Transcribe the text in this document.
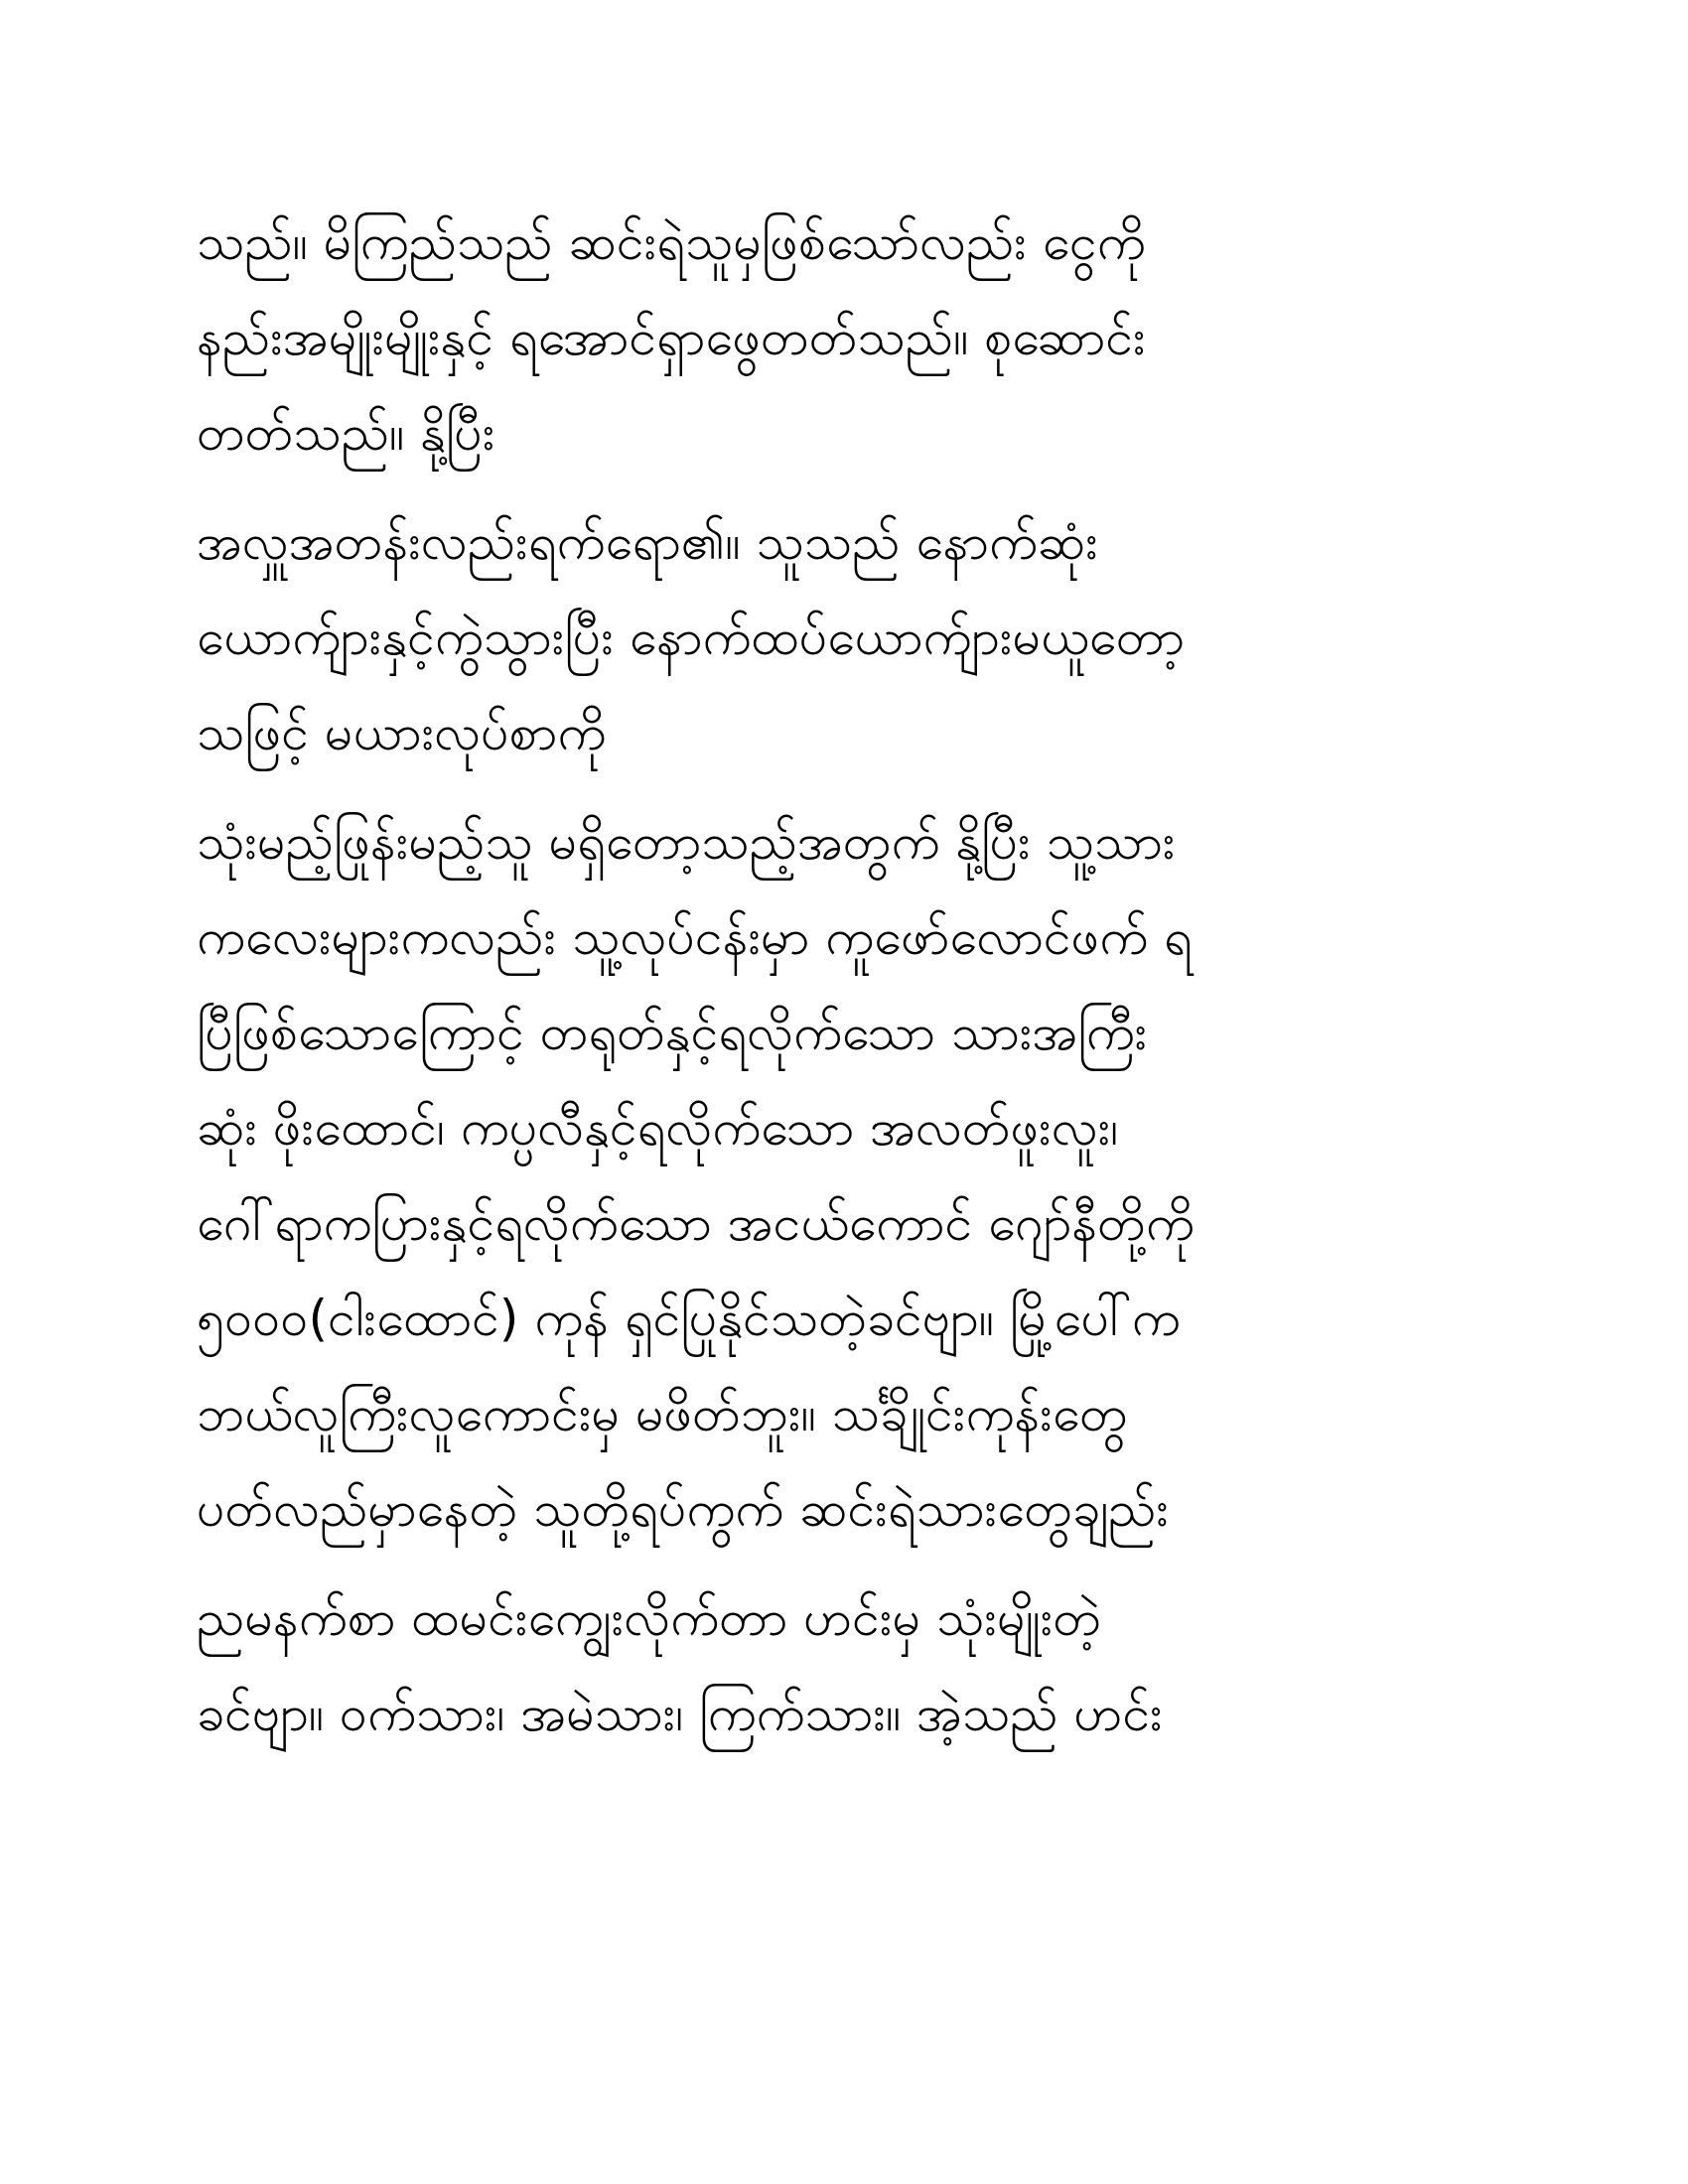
သည်။ မိကြည်သည် ဆင်းရဲသူမှဖြစ်သော်လည်း ငွေကို
နည်းအမျိုးမျိုးနှင့် ရအောင်ရှာဖွေတတ်သည်။ စုဆောင်း
တတ်သည်။ နို့ပြီး
အလှူအတန်းလည်းရက်ရော၏။ သူသည် နောက်ဆုံး
ယောက်ျားနှင့်ကွဲသွားပြီး နောက်ထပ်ယောက်ျားမယူတော့
သဖြင့် မယားလုပ်စာကို
သုံးမည့်ဖြုန်းမည့်သူ မရှိတော့သည့်အတွက် နို့ပြီး သူ့သား
ကလေးများကလည်း သူ့လုပ်ငန်းမှာ ကူဖော်လောင်ဖက် ရ
ပြီဖြစ်သောကြောင့် တရုတ်နှင့်ရလိုက်သော သားအကြီး
ဆုံး ဖိုးထောင်၊ ကပ္ပလီနှင့်ရလိုက်သော အလတ်ဖူးလူး၊
ဂေါ်ရာကပြားနှင့်ရလိုက်သော အငယ်ကောင် ဂျော်နီတို့ကို
၅၀၀၀(ငါးထောင်) ကုန် ရှင်ပြုနိုင်သတဲ့ခင်ဗျာ။ မြို့ပေါ်က
ဘယ်လူကြီးလူကောင်းမှ မဖိတ်ဘူး။ သင်္ချိုင်းကုန်းတွေ
ပတ်လည်မှာနေတဲ့ သူတို့ရပ်ကွက် ဆင်းရဲသားတွေချည်း
ညမနက်စာ ထမင်းကျွေးလိုက်တာ ဟင်းမှ သုံးမျိုးတဲ့
ခင်ဗျာ။ ဝက်သား၊ အမဲသား၊ ကြက်သား။ အဲ့သည် ဟင်း
